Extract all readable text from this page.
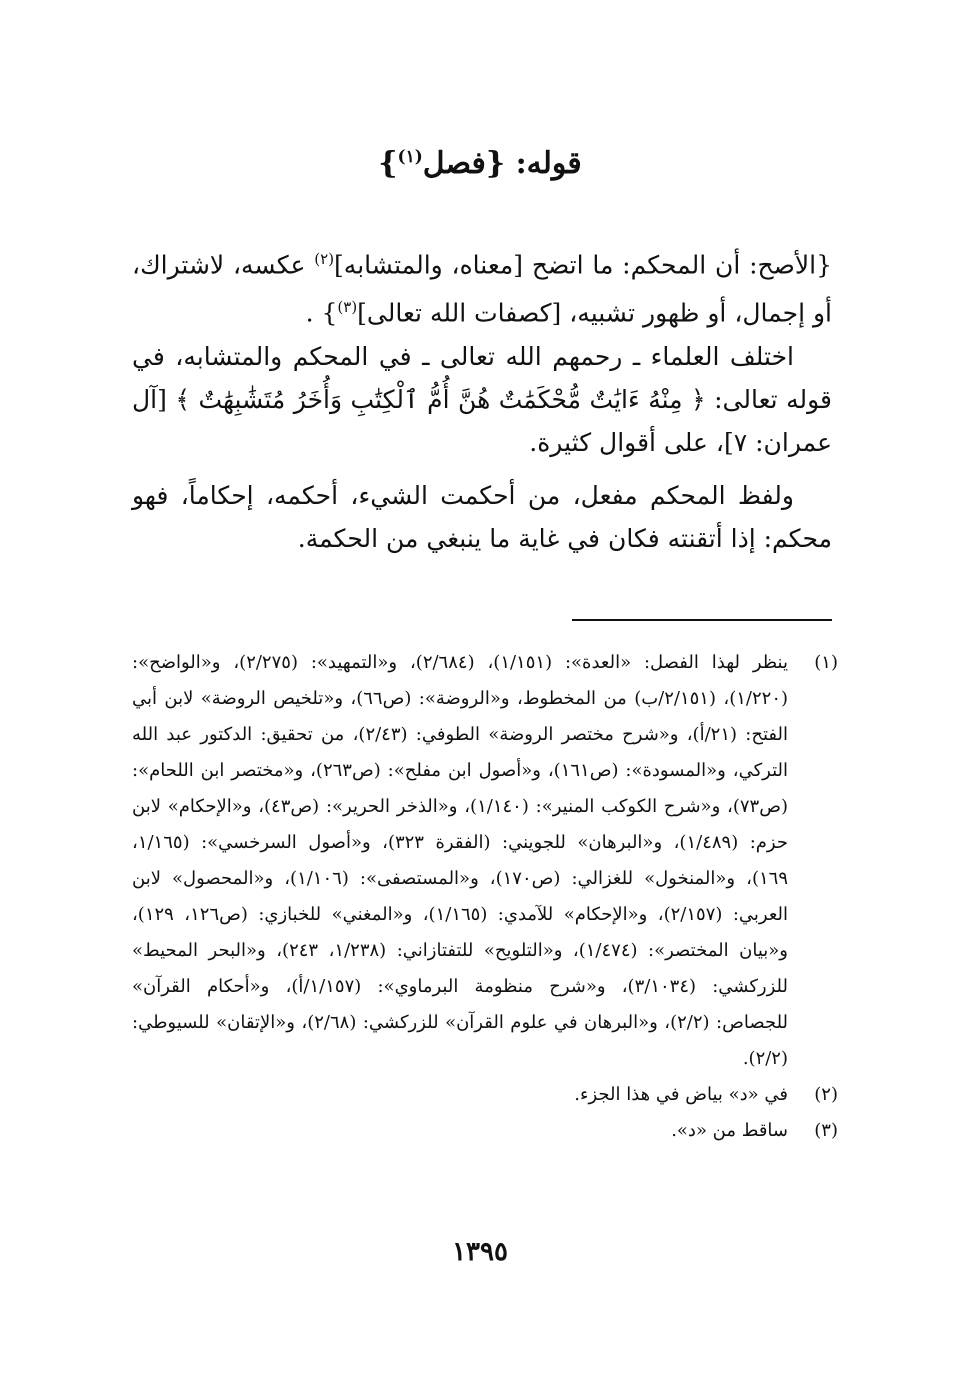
قوله: {فصل$^{(١)}$}

{الأصح: أن المحكم: ما اتضح [معناه، والمتشابه]$^{(٢)}$ عكسه، لاشتراك، أو إجمال، أو ظهور تشبيه، [كصفات الله تعالى]$^{(٣)}$} .

اختلف العلماء ـ رحمهم الله تعالى ـ في المحكم والمتشابه، في قوله تعالى: ﴿ مِنْهُ ءَايَٰتٌ مُّحْكَمَٰتٌ هُنَّ أُمُّ ٱلْكِتَٰبِ وَأُخَرُ مُتَشَٰبِهَٰتٌ ﴾ [آل عمران: ٧]، على أقوال كثيرة.

ولفظ المحكم مفعل، من أحكمت الشيء، أحكمه، إحكاماً، فهو محكم: إذا أتقنته فكان في غاية ما ينبغي من الحكمة.

(١)
ينظر لهذا الفصل: «العدة»: (١/١٥١)، (٢/٦٨٤)، و«التمهيد»: (٢/٢٧٥)، و«الواضح»: (١/٢٢٠)، (٢/١٥١/ب) من المخطوط، و«الروضة»: (ص٦٦)، و«تلخيص الروضة» لابن أبي الفتح: (٢١/أ)، و«شرح مختصر الروضة» الطوفي: (٢/٤٣)، من تحقيق: الدكتور عبد الله التركي، و«المسودة»: (ص١٦١)، و«أصول ابن مفلح»: (ص٢٦٣)، و«مختصر ابن اللحام»: (ص٧٣)، و«شرح الكوكب المنير»: (١/١٤٠)، و«الذخر الحرير»: (ص٤٣)، و«الإحكام» لابن حزم: (١/٤٨٩)، و«البرهان» للجويني: (الفقرة ٣٢٣)، و«أصول السرخسي»: (١/١٦٥، ١٦٩)، و«المنخول» للغزالي: (ص١٧٠)، و«المستصفى»: (١/١٠٦)، و«المحصول» لابن العربي: (٢/١٥٧)، و«الإحكام» للآمدي: (١/١٦٥)، و«المغني» للخبازي: (ص١٢٦، ١٢٩)، و«بيان المختصر»: (١/٤٧٤)، و«التلويح» للتفتازاني: (١/٢٣٨، ٢٤٣)، و«البحر المحيط» للزركشي: (٣/١٠٣٤)، و«شرح منظومة البرماوي»: (١/١٥٧/أ)، و«أحكام القرآن» للجصاص: (٢/٢)، و«البرهان في علوم القرآن» للزركشي: (٢/٦٨)، و«الإتقان» للسيوطي: (٢/٢).
(٢)
في «د» بياض في هذا الجزء.
(٣)
ساقط من «د».
١٣٩٥
